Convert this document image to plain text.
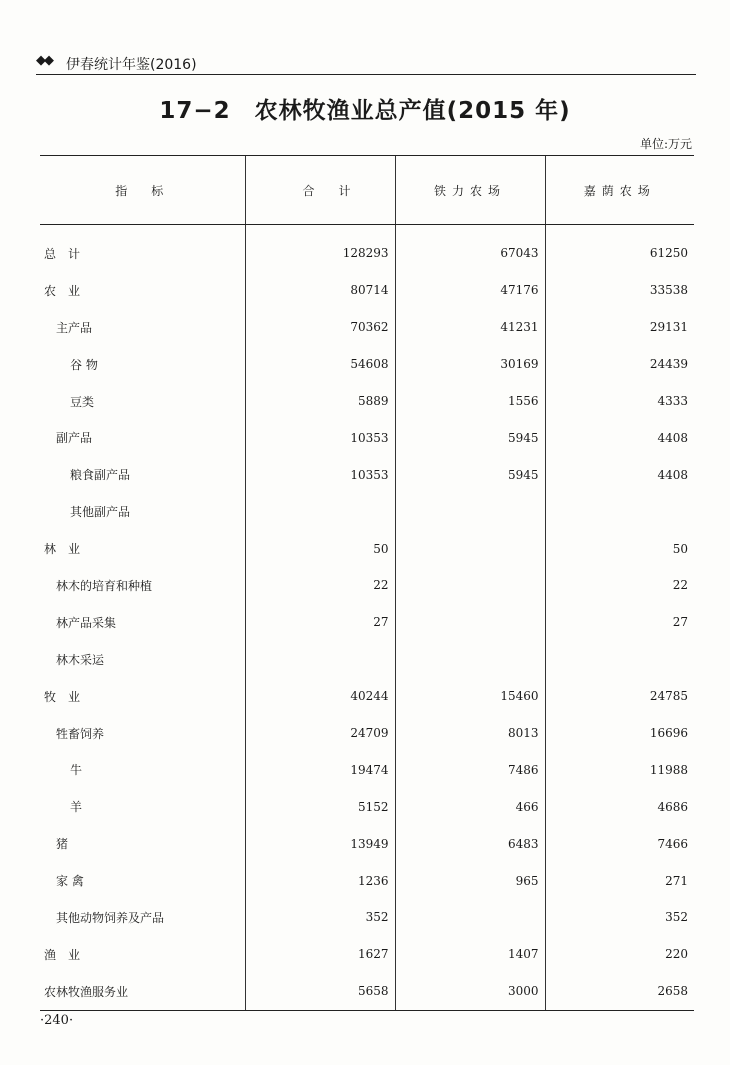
◆◆ 伊春统计年鉴(2016)
17−2　农林牧渔业总产值(2015 年)
单位:万元
指　标	合　计	铁力农场	嘉荫农场
总　计	128293	67043	61250
农　业	80714	47176	33538
主产品	70362	41231	29131
谷 物	54608	30169	24439
豆类	5889	1556	4333
副产品	10353	5945	4408
粮食副产品	10353	5945	4408
其他副产品			
林　业	50		50
林木的培育和种植	22		22
林产品采集	27		27
林木采运			
牧　业	40244	15460	24785
牲畜饲养	24709	8013	16696
牛	19474	7486	11988
羊	5152	466	4686
猪	13949	6483	7466
家 禽	1236	965	271
其他动物饲养及产品	352		352
渔　业	1627	1407	220
农林牧渔服务业	5658	3000	2658
·240·
